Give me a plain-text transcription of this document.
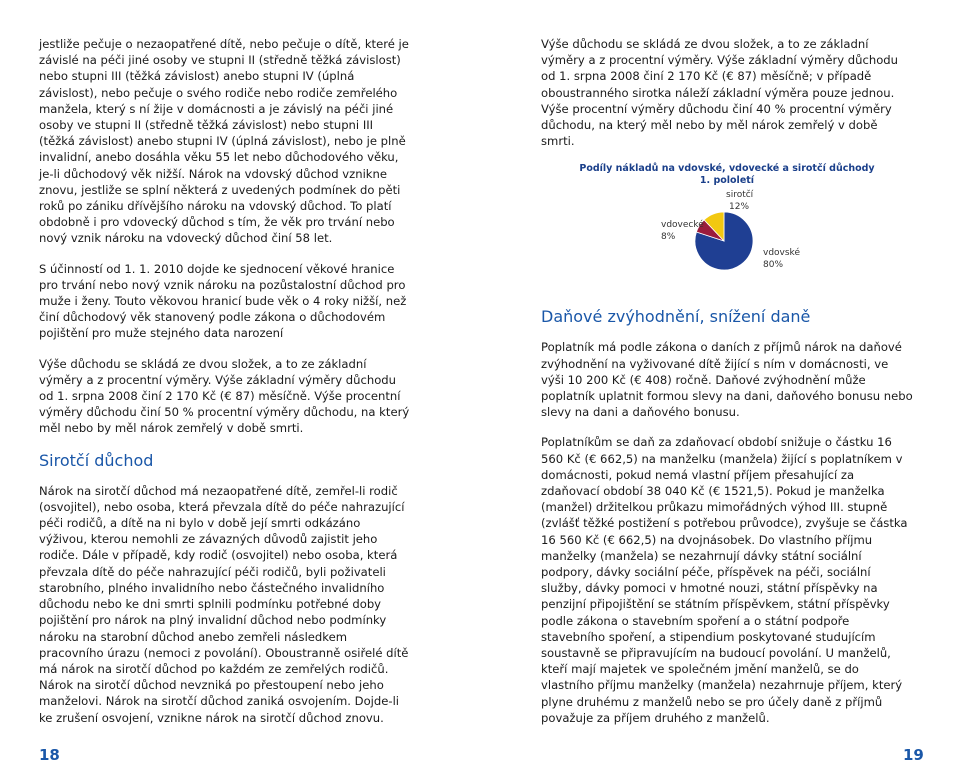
jestliže pečuje o nezaopatřené dítě, nebo pečuje o dítě, které je závislé na péči jiné osoby ve stupni II (středně těžká závislost) nebo stupni III (těžká závislost) anebo stupni IV (úplná závislost), nebo pečuje o svého rodiče nebo rodiče zemřelého manžela, který s ní žije v domácnosti a je závislý na péči jiné osoby ve stupni II (středně těžká závislost) nebo stupni III (těžká závislost) anebo stupni IV (úplná závislost), nebo je plně invalidní, anebo dosáhla věku 55 let nebo důchodového věku, je-li důchodový věk nižší. Nárok na vdovský důchod vznikne znovu, jestliže se splní některá z uvedených podmínek do pěti roků po zániku dřívějšího nároku na vdovský důchod. To platí obdobně i pro vdovecký důchod s tím, že věk pro trvání nebo nový vznik nároku na vdovecký důchod činí 58 let.

S účinností od 1. 1. 2010 dojde ke sjednocení věkové hranice pro trvání nebo nový vznik nároku na pozůstalostní důchod pro muže i ženy. Touto věkovou hranicí bude věk o 4 roky nižší, než činí důchodový věk stanovený podle zákona o důchodovém pojištění pro muže stejného data narození

Výše důchodu se skládá ze dvou složek, a to ze základní výměry a z procentní výměry. Výše základní výměry důchodu od 1. srpna 2008 činí 2 170 Kč (€ 87) měsíčně. Výše procentní výměry důchodu činí 50 % procentní výměry důchodu, na který měl nebo by měl nárok zemřelý v době smrti.

Sirotčí důchod

Nárok na sirotčí důchod má nezaopatřené dítě, zemřel-li rodič (osvojitel), nebo osoba, která převzala dítě do péče nahrazující péči rodičů, a dítě na ni bylo v době její smrti odkázáno výživou, kterou nemohli ze závazných důvodů zajistit jeho rodiče. Dále v případě, kdy rodič (osvojitel) nebo osoba, která převzala dítě do péče nahrazující péči rodičů, byli poživateli starobního, plného invalidního nebo částečného invalidního důchodu nebo ke dni smrti splnili podmínku potřebné doby pojištění pro nárok na plný invalidní důchod nebo podmínky nároku na starobní důchod anebo zemřeli následkem pracovního úrazu (nemoci z povolání). Oboustranně osiřelé dítě má nárok na sirotčí důchod po každém ze zemřelých rodičů. Nárok na sirotčí důchod nevzniká po přestoupení nebo jeho manželovi. Nárok na sirotčí důchod zaniká osvojením. Dojde-li ke zrušení osvojení, vznikne nárok na sirotčí důchod znovu.

Výše důchodu se skládá ze dvou složek, a to ze základní výměry a z procentní výměry. Výše základní výměry důchodu od 1. srpna 2008 činí 2 170 Kč (€ 87) měsíčně; v případě oboustranného sirotka náleží základní výměra pouze jednou. Výše procentní výměry důchodu činí 40 % procentní výměry důchodu, na který měl nebo by měl nárok zemřelý v době smrti.

Podíly nákladů na vdovské, vdovecké a sirotčí důchody
1. pololetí
vdovecké
8%
sirotčí
12%
vdovské
80%
Daňové zvýhodnění, snížení daně

Poplatník má podle zákona o daních z příjmů nárok na daňové zvýhodnění na vyživované dítě žijící s ním v domácnosti, ve výši 10 200 Kč (€ 408) ročně. Daňové zvýhodnění může poplatník uplatnit formou slevy na dani, daňového bonusu nebo slevy na dani a daňového bonusu.

Poplatníkům se daň za zdaňovací období snižuje o částku 16 560 Kč (€ 662,5) na manželku (manžela) žijící s poplatníkem v domácnosti, pokud nemá vlastní příjem přesahující za zdaňovací období 38 040 Kč (€ 1521,5). Pokud je manželka (manžel) držitelkou průkazu mimořádných výhod III. stupně (zvlášť těžké postižení s potřebou průvodce), zvyšuje se částka 16 560 Kč (€ 662,5) na dvojnásobek. Do vlastního příjmu manželky (manžela) se nezahrnují dávky státní sociální podpory, dávky sociální péče, příspěvek na péči, sociální služby, dávky pomoci v hmotné nouzi, státní příspěvky na penzijní připojištění se státním příspěvkem, státní příspěvky podle zákona o stavebním spoření a o státní podpoře stavebního spoření, a stipendium poskytované studujícím soustavně se připravujícím na budoucí povolání. U manželů, kteří mají majetek ve společném jmění manželů, se do vlastního příjmu manželky (manžela) nezahrnuje příjem, který plyne druhému z manželů nebo se pro účely daně z příjmů považuje za příjem druhého z manželů.

18	19
